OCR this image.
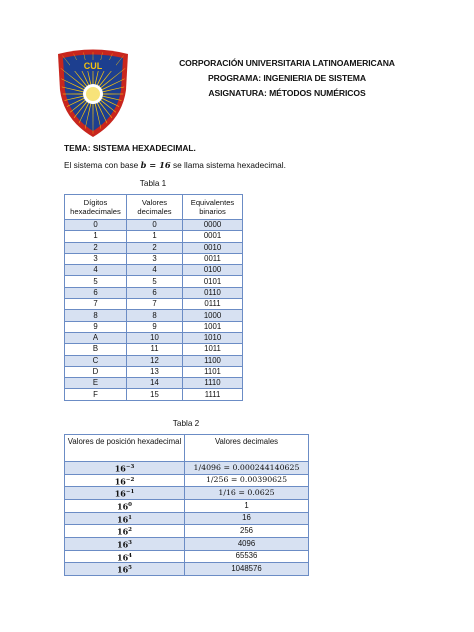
CUL	CORPORACIÓN UNIVERSITARIA LATINOAMERICANA
PROGRAMA: INGENIERIA DE SISTEMA
ASIGNATURA: MÉTODOS NUMÉRICOS
TEMA: SISTEMA HEXADECIMAL.
El sistema con base b = 16 se llama sistema hexadecimal.
Tabla 1
Dígitos hexadecimales	Valores decimales	Equivalentes binarios
0	0	0000
1	1	0001
2	2	0010
3	3	0011
4	4	0100
5	5	0101
6	6	0110
7	7	0111
8	8	1000
9	9	1001
A	10	1010
B	11	1011
C	12	1100
D	13	1101
E	14	1110
F	15	1111
Tabla 2
Valores de posición hexadecimal	Valores decimales
$16^{-3}$	1/4096 = 0.000244140625
$16^{-2}$	1/256 = 0.00390625
$16^{-1}$	1/16 = 0.0625
$16^0$	1
$16^1$	16
$16^2$	256
$16^3$	4096
$16^4$	65536
$16^5$	1048576
